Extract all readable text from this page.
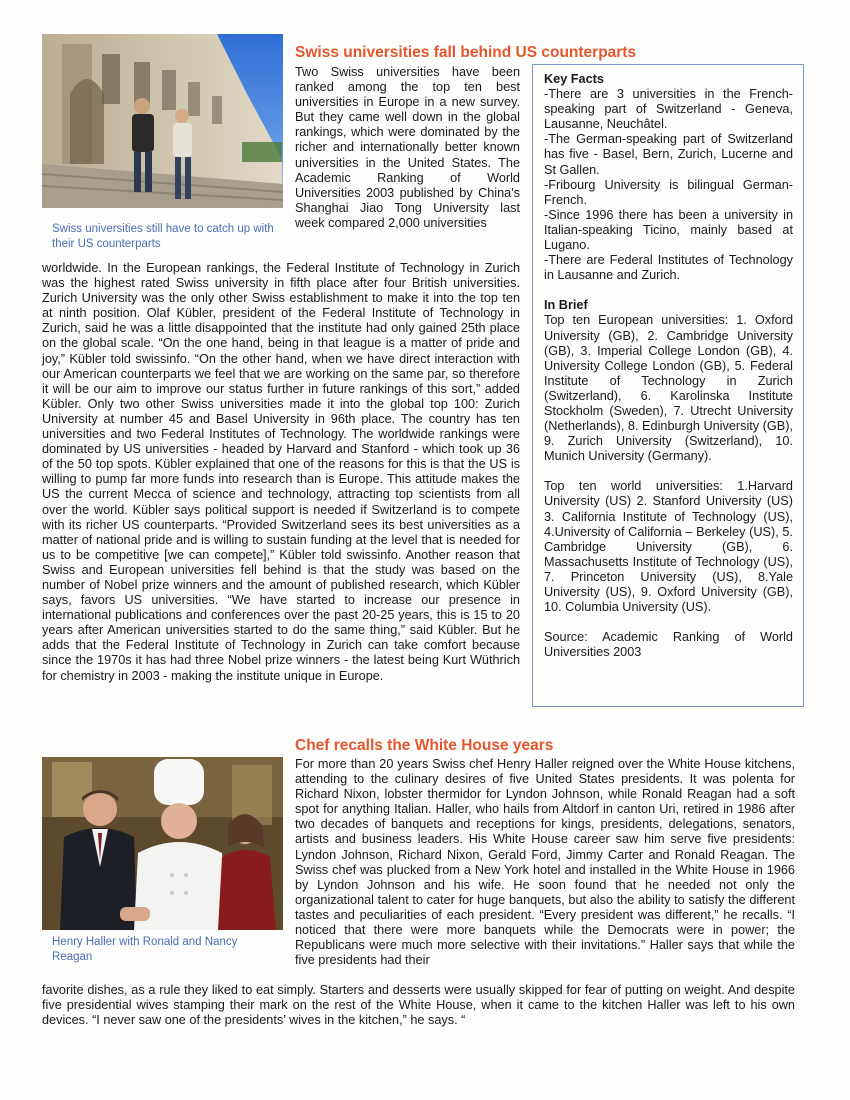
Swiss universities still have to catch up with their US counterparts
Swiss universities fall behind US counterparts
Two Swiss universities have been ranked among the top ten best universities in Europe in a new survey. But they came well down in the global rankings, which were dominated by the richer and internationally better known universities in the United States. The Academic Ranking of World Universities 2003 published by China's Shanghai Jiao Tong University last week compared 2,000 universities
worldwide. In the European rankings, the Federal Institute of Technology in Zurich was the highest rated Swiss university in fifth place after four British universities. Zurich University was the only other Swiss establishment to make it into the top ten at ninth position. Olaf Kübler, president of the Federal Institute of Technology in Zurich, said he was a little disappointed that the institute had only gained 25th place on the global scale. “On the one hand, being in that league is a matter of pride and joy,” Kübler told swissinfo. “On the other hand, when we have direct interaction with our American counterparts we feel that we are working on the same par, so therefore it will be our aim to improve our status further in future rankings of this sort,” added Kübler. Only two other Swiss universities made it into the global top 100: Zurich University at number 45 and Basel University in 96th place. The country has ten universities and two Federal Institutes of Technology. The worldwide rankings were dominated by US universities - headed by Harvard and Stanford - which took up 36 of the 50 top spots. Kübler explained that one of the reasons for this is that the US is willing to pump far more funds into research than is Europe. This attitude makes the US the current Mecca of science and technology, attracting top scientists from all over the world. Kübler says political support is needed if Switzerland is to compete with its richer US counterparts. “Provided Switzerland sees its best universities as a matter of national pride and is willing to sustain funding at the level that is needed for us to be competitive [we can compete],” Kübler told swissinfo. Another reason that Swiss and European universities fell behind is that the study was based on the number of Nobel prize winners and the amount of published research, which Kübler says, favors US universities. “We have started to increase our presence in international publications and conferences over the past 20-25 years, this is 15 to 20 years after American universities started to do the same thing,” said Kübler. But he adds that the Federal Institute of Technology in Zurich can take comfort because since the 1970s it has had three Nobel prize winners - the latest being Kurt Wüthrich for chemistry in 2003 - making the institute unique in Europe.
Key Facts

-There are 3 universities in the French-speaking part of Switzerland - Geneva, Lausanne, Neuchâtel.

-The German-speaking part of Switzerland has five - Basel, Bern, Zurich, Lucerne and St Gallen.

-Fribourg University is bilingual German-French.

-Since 1996 there has been a university in Italian-speaking Ticino, mainly based at Lugano.

-There are Federal Institutes of Technology in Lausanne and Zurich.

In Brief

Top ten European universities: 1. Oxford University (GB), 2. Cambridge University (GB), 3. Imperial College London (GB), 4. University College London (GB), 5. Federal Institute of Technology in Zurich (Switzerland), 6. Karolinska Institute Stockholm (Sweden), 7. Utrecht University (Netherlands), 8. Edinburgh University (GB), 9. Zurich University (Switzerland), 10. Munich University (Germany).

Top ten world universities: 1.Harvard University (US) 2. Stanford University (US) 3. California Institute of Technology (US), 4.University of California – Berkeley (US), 5. Cambridge University (GB), 6. Massachusetts Institute of Technology (US), 7. Princeton University (US), 8.Yale University (US), 9. Oxford University (GB), 10. Columbia University (US).

Source: Academic Ranking of World Universities 2003

Henry Haller with Ronald and Nancy Reagan
Chef recalls the White House years
For more than 20 years Swiss chef Henry Haller reigned over the White House kitchens, attending to the culinary desires of five United States presidents. It was polenta for Richard Nixon, lobster thermidor for Lyndon Johnson, while Ronald Reagan had a soft spot for anything Italian. Haller, who hails from Altdorf in canton Uri, retired in 1986 after two decades of banquets and receptions for kings, presidents, delegations, senators, artists and business leaders. His White House career saw him serve five presidents: Lyndon Johnson, Richard Nixon, Gerald Ford, Jimmy Carter and Ronald Reagan. The Swiss chef was plucked from a New York hotel and installed in the White House in 1966 by Lyndon Johnson and his wife. He soon found that he needed not only the organizational talent to cater for huge banquets, but also the ability to satisfy the different tastes and peculiarities of each president. “Every president was different,” he recalls. “I noticed that there were more banquets while the Democrats were in power; the Republicans were much more selective with their invitations.” Haller says that while the five presidents had their
favorite dishes, as a rule they liked to eat simply. Starters and desserts were usually skipped for fear of putting on weight. And despite five presidential wives stamping their mark on the rest of the White House, when it came to the kitchen Haller was left to his own devices. “I never saw one of the presidents’ wives in the kitchen,” he says. “
